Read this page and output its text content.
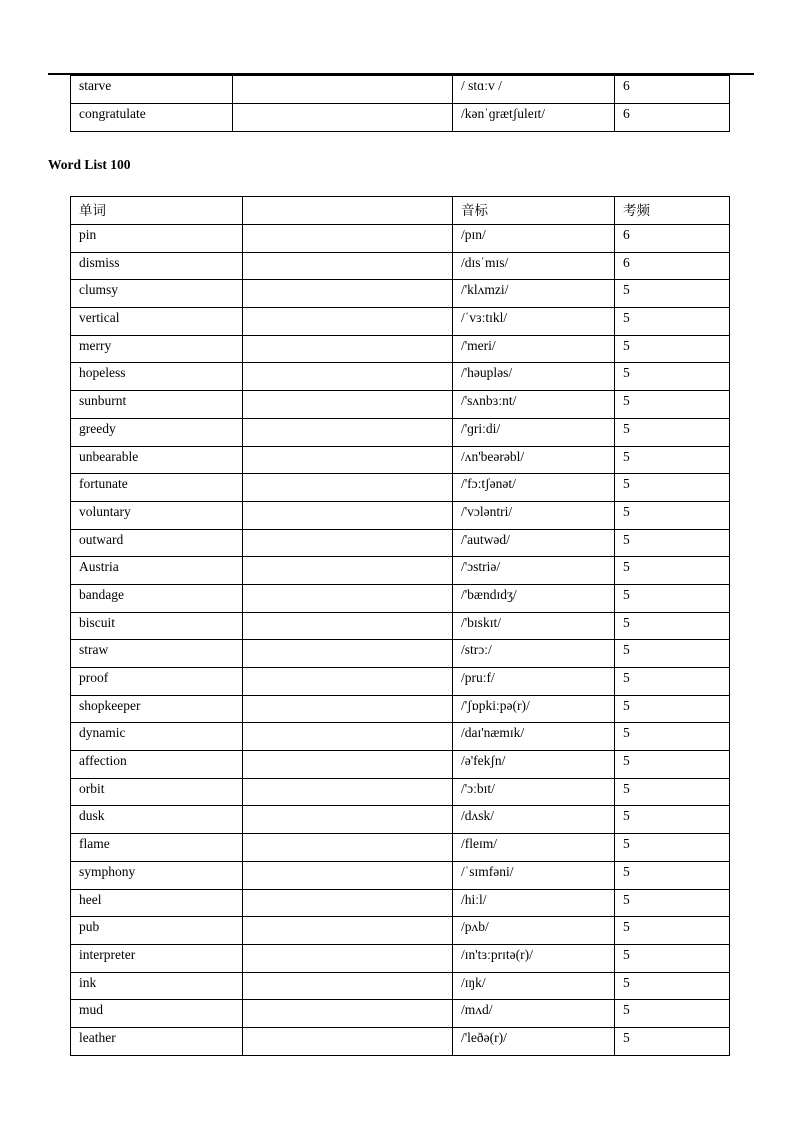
starve		/ stɑːv /	6
congratulate		/kənˈɡrætʃuleɪt/	6
Word List 100
单词		音标	考频
pin		/pɪn/	6
dismiss		/dɪsˈmɪs/	6
clumsy		/'klʌmzi/	5
vertical		/ˈvɜːtɪkl/	5
merry		/'meri/	5
hopeless		/'həupləs/	5
sunburnt		/'sʌnbɜːnt/	5
greedy		/'ɡriːdi/	5
unbearable		/ʌn'beərəbl/	5
fortunate		/'fɔːtʃənət/	5
voluntary		/'vɔləntri/	5
outward		/'autwəd/	5
Austria		/'ɔstriə/	5
bandage		/'bændɪdʒ/	5
biscuit		/'bɪskɪt/	5
straw		/strɔː/	5
proof		/pruːf/	5
shopkeeper		/'ʃɒpkiːpə(r)/	5
dynamic		/daɪ'næmɪk/	5
affection		/ə'fekʃn/	5
orbit		/'ɔːbɪt/	5
dusk		/dʌsk/	5
flame		/fleɪm/	5
symphony		/ˈsɪmfəni/	5
heel		/hiːl/	5
pub		/pʌb/	5
interpreter		/ɪn'tɜːprɪtə(r)/	5
ink		/ɪŋk/	5
mud		/mʌd/	5
leather		/'leðə(r)/	5
